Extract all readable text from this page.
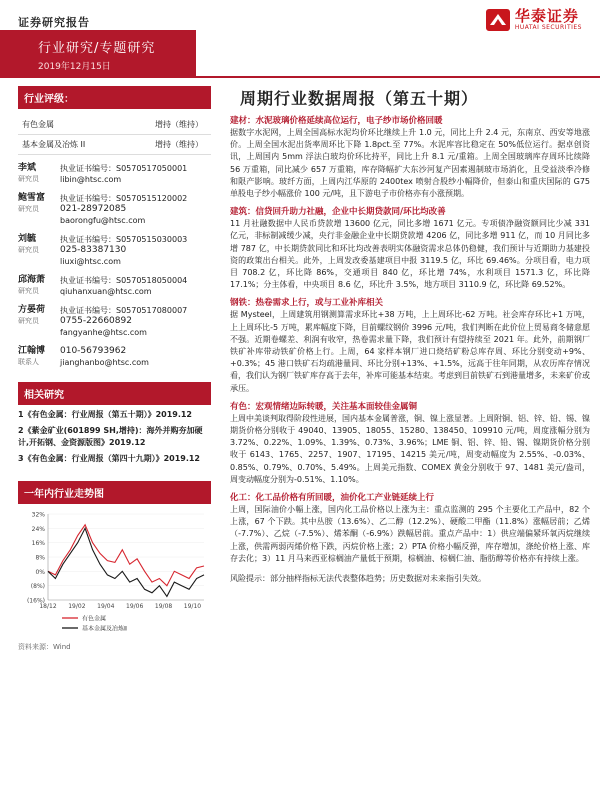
证券研究报告	华泰证券
HUATAI SECURITIES
行业研究/专题研究
2019年12月15日
行业评级：
有色金属	增持（维持）
基本金属及冶炼 II	增持（维持）
李斌
研究员
执业证书编号：S0570517050001
libin@htsc.com
鲍雪富
研究员
执业证书编号：S0570515120002
021-28972085
baorongfu@htsc.com
刘毓
研究员
执业证书编号：S0570515030003
025-83387130
liuxi@htsc.com
邱海萧
研究员
执业证书编号：S0570518050004
qiuhanxuan@htsc.com
方晏荷
研究员
执业证书编号：S0570517080007
0755-22660892
fangyanhe@htsc.com
江翰博
联系人
010-56793962
jianghanbo@htsc.com
相关研究
1《有色金属：行业周报（第五十期）》2019.12
2《紫金矿业(601899 SH,增持)：海外并购夯加硬计,开拓钢、金资源版图》2019.12
3《有色金属：行业周报（第四十九期）》2019.12
一年内行业走势图
32%
24%
16%
8%
0%
(8%)
(16%)
18/12 19/02 19/04 19/06 19/08 19/10
有色金属
基本金属及冶炼Ⅱ
资料来源：Wind
周期行业数据周报（第五十期）
建材：水泥玻璃价格延续高位运行，电子纱市场价格回暖
据数字水泥网，上周全国高标水泥均价环比继续上升 1.0 元，同比上升 2.4 元，东南京、西安等地涨价。上周全国水泥出货率周环比下降 1.8pct.至 77%。水泥库容比稳定在 50%低位运行。据卓创资讯，上周国内 5mm 浮法白玻均价环比持平，同比上升 8.1 元/重箱。上周全国玻璃库存周环比续降 56 万重箱，同比减少 657 万重箱，库存降幅扩大东沙河复产因素遏制玻市场消化，且受益淡季冷修和限产影响。玻纤方面，上周内江华原的 2400tex 喷射合股纱小幅降价，但泰山和重庆国际的 G75 单股电子纱小幅涨价 100 元/吨，且下游电子市价格亦有小涨预期。
建筑：信贷回升助力社融，企业中长期贷款同/环比均改善
11 月社融数据中人民币贷款增 13600 亿元，同比多增 1671 亿元。专项债净融资额同比少减 331 亿元，非标制减缓少减，央行非金融企业中长期贷款增 4206 亿，同比多增 911 亿，而 10 月同比多增 787 亿，中长期贷款同比和环比均改善表明实体融资需求总体仍稳健，我们预计与近期助力基建投资的政策出台相关。此外，上周发改委基建项目中报 3119.5 亿，环比 69.46%。分项目看，电力项目 708.2 亿，环比降 86%，交通项目 840 亿，环比增 74%，水利项目 1571.3 亿，环比降 17.1%；分主体看，中央项目 8.6 亿，环比升 3.5%，地方项目 3110.9 亿，环比降 69.52%。
钢铁：热卷需求上行，或与工业补库相关
据 Mysteel，上周建筑用钢测算需求环比+38 万吨，上上周环比-62 万吨。社会库存环比+1 万吨，上上周环比-5 万吨，累库幅度下降，目前螺纹钢价 3996 元/吨，我们判断在此价位上贸易商冬储意愿不强。近期卷螺差、利润有收窄，热卷需求量下降，我们预计有望持续至 2021 年。此外，前期钢厂铁矿补库带动铁矿价格上行。上周，64 家样本钢厂进口烧结矿粉总库存周、环比分别变动+9%、+0.3%；45 港口铁矿石均疏港量同、环比分别+13%、+1.5%，远高于往年同期，从农历库存情况看，我们认为钢厂铁矿库存高于去年，补库可能基本结束。考虑到目前铁矿石到港量增多，未来矿价或承压。
有色：宏观情绪边际转暖，关注基本面较佳金属铜
上周中美谈判取得阶段性进展，国内基本金属普涨，铜、镍上涨显著。上周附铜、铝、锌、铅、锡、镍期货价格分别收于 49040、13905、18055、15280、138450、109910 元/吨，周度涨幅分别为 3.72%、0.22%、1.09%、1.39%、0.73%、3.96%；LME 铜、铝、锌、铅、锡、镍期货价格分别收于 6143、1765、2257、1907、17195、14215 美元/吨，周变动幅度为 2.55%、-0.03%、0.85%、0.79%、0.70%、5.49%。上周美元指数、COMEX 黄金分别收于 97、1481 美元/盎司，周变动幅度分别为-0.51%、1.10%。
化工：化工品价格有所回暖，油价化工产业链延续上行
上周，国际油价小幅上涨，国内化工品价格以上涨为主：重点监测的 295 个主要化工产品中，82 个上涨，67 个下跌。其中丛胺（13.6%）、乙二醇（12.2%）、硬酸二甲酯（11.8%）涨幅居前；乙烯（-7.7%）、乙烷（-7.5%）、烯苯酮（-6.9%）跌幅居前。重点产品中：1）供应端偏紧环氧丙烷继续上涨，供需两弱丙烯价格下跌，丙烷价格上涨；2）PTA 价格小幅反弹，库存增加，涤纶价格上涨、库存去化；3）11 月马来西亚棕榈油产量低于预期，棕榈油、棕榈仁油、脂肪醇等价格亦有持续上涨。
风险提示：部分抽样指标无法代表整体趋势；历史数据对未来指引失效。
